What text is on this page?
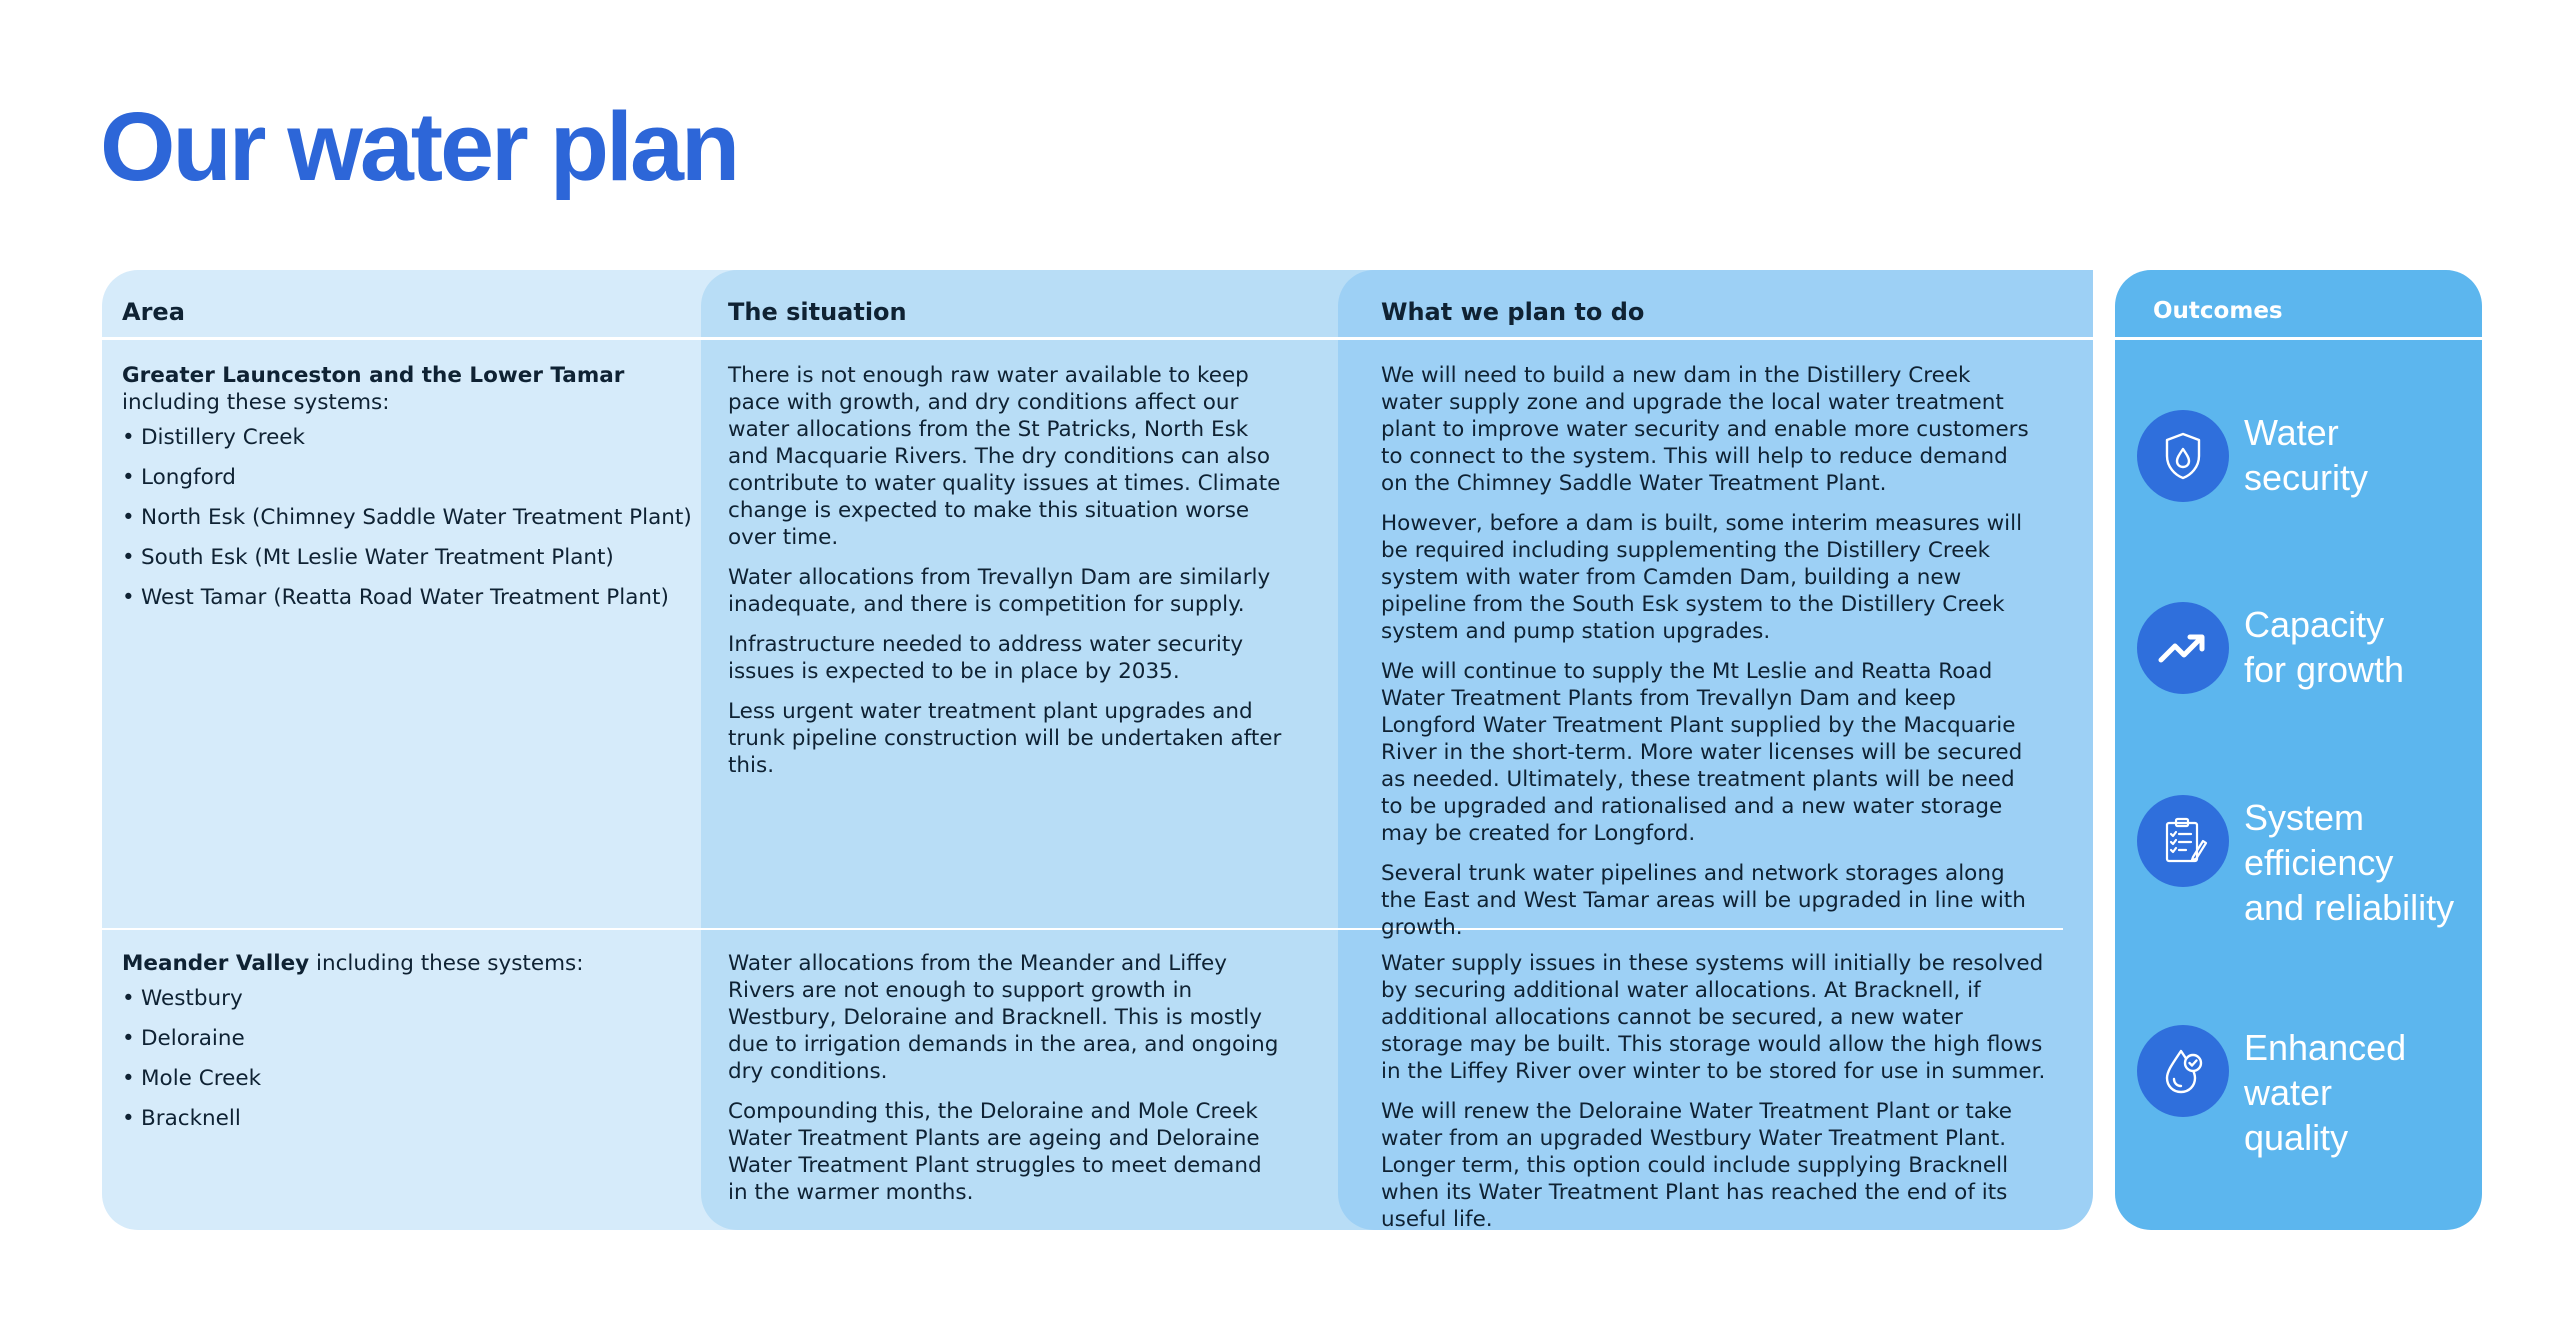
Our water plan
Area
Greater Launceston and the Lower Tamar
including these systems:
• Distillery Creek
• Longford
• North Esk (Chimney Saddle Water Treatment Plant)
• South Esk (Mt Leslie Water Treatment Plant)
• West Tamar (Reatta Road Water Treatment Plant)
Meander Valley including these systems:
• Westbury
• Deloraine
• Mole Creek
• Bracknell
The situation

There is not enough raw water available to keep pace with growth, and dry conditions affect our water allocations from the St Patricks, North Esk and Macquarie Rivers. The dry conditions can also contribute to water quality issues at times. Climate change is expected to make this situation worse over time.

Water allocations from Trevallyn Dam are similarly inadequate, and there is competition for supply.

Infrastructure needed to address water security issues is expected to be in place by 2035.

Less urgent water treatment plant upgrades and trunk pipeline construction will be undertaken after this.

Water allocations from the Meander and Liffey Rivers are not enough to support growth in Westbury, Deloraine and Bracknell. This is mostly due to irrigation demands in the area, and ongoing dry conditions.

Compounding this, the Deloraine and Mole Creek Water Treatment Plants are ageing and Deloraine Water Treatment Plant struggles to meet demand in the warmer months.

What we plan to do

We will need to build a new dam in the Distillery Creek water supply zone and upgrade the local water treatment plant to improve water security and enable more customers to connect to the system. This will help to reduce demand on the Chimney Saddle Water Treatment Plant.

However, before a dam is built, some interim measures will be required including supplementing the Distillery Creek system with water from Camden Dam, building a new pipeline from the South Esk system to the Distillery Creek system and pump station upgrades.

We will continue to supply the Mt Leslie and Reatta Road Water Treatment Plants from Trevallyn Dam and keep Longford Water Treatment Plant supplied by the Macquarie River in the short-term. More water licenses will be secured as needed. Ultimately, these treatment plants will be need to be upgraded and rationalised and a new water storage may be created for Longford.

Several trunk water pipelines and network storages along the East and West Tamar areas will be upgraded in line with growth.

Water supply issues in these systems will initially be resolved by securing additional water allocations. At Bracknell, if additional allocations cannot be secured, a new water storage may be built. This storage would allow the high flows in the Liffey River over winter to be stored for use in summer.

We will renew the Deloraine Water Treatment Plant or take water from an upgraded Westbury Water Treatment Plant. Longer term, this option could include supplying Bracknell when its Water Treatment Plant has reached the end of its useful life.

Outcomes
Water
security
Capacity
for growth
System
efficiency
and reliability
Enhanced
water
quality
